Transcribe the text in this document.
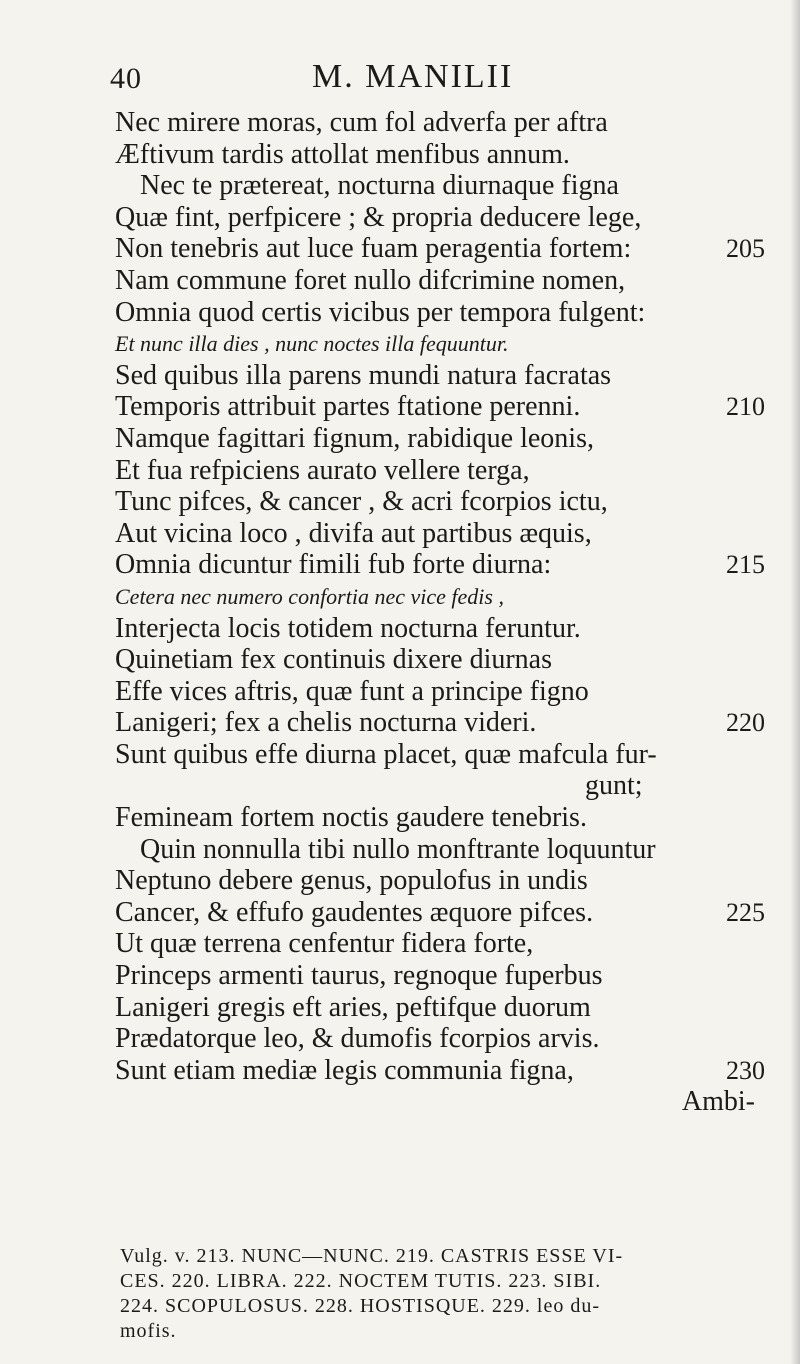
40	M. MANILII
Nec mirere moras, cum fol adverfa per aftra
Æftivum tardis attollat menfibus annum.
Nec te prætereat, nocturna diurnaque figna
Quæ fint, perfpicere ; & propria deducere lege,
Non tenebris aut luce fuam peragentia fortem:	205
Nam commune foret nullo difcrimine nomen,
Omnia quod certis vicibus per tempora fulgent:
Et nunc illa dies , nunc noctes illa fequuntur.
Sed quibus illa parens mundi natura facratas
Temporis attribuit partes ftatione perenni.	210
Namque fagittari fignum, rabidique leonis,
Et fua refpiciens aurato vellere terga,
Tunc pifces, & cancer , & acri fcorpios ictu,
Aut vicina loco , divifa aut partibus æquis,
Omnia dicuntur fimili fub forte diurna:	215
Cetera nec numero confortia nec vice fedis ,
Interjecta locis totidem nocturna feruntur.
Quinetiam fex continuis dixere diurnas
Effe vices aftris, quæ funt a principe figno
Lanigeri; fex a chelis nocturna videri.	220
Sunt quibus effe diurna placet, quæ mafcula fur-
gunt;
Femineam fortem noctis gaudere tenebris.
Quin nonnulla tibi nullo monftrante loquuntur
Neptuno debere genus, populofus in undis
Cancer, & effufo gaudentes æquore pifces.	225
Ut quæ terrena cenfentur fidera forte,
Princeps armenti taurus, regnoque fuperbus
Lanigeri gregis eft aries, peftifque duorum
Prædatorque leo, & dumofis fcorpios arvis.
Sunt etiam mediæ legis communia figna,	230
Ambi-
Vulg. v. 213. NUNC—NUNC. 219. CASTRIS ESSE VI-
CES. 220. LIBRA. 222. NOCTEM TUTIS. 223. SIBI.
224. SCOPULOSUS. 228. HOSTISQUE. 229. leo du-
mofis.
